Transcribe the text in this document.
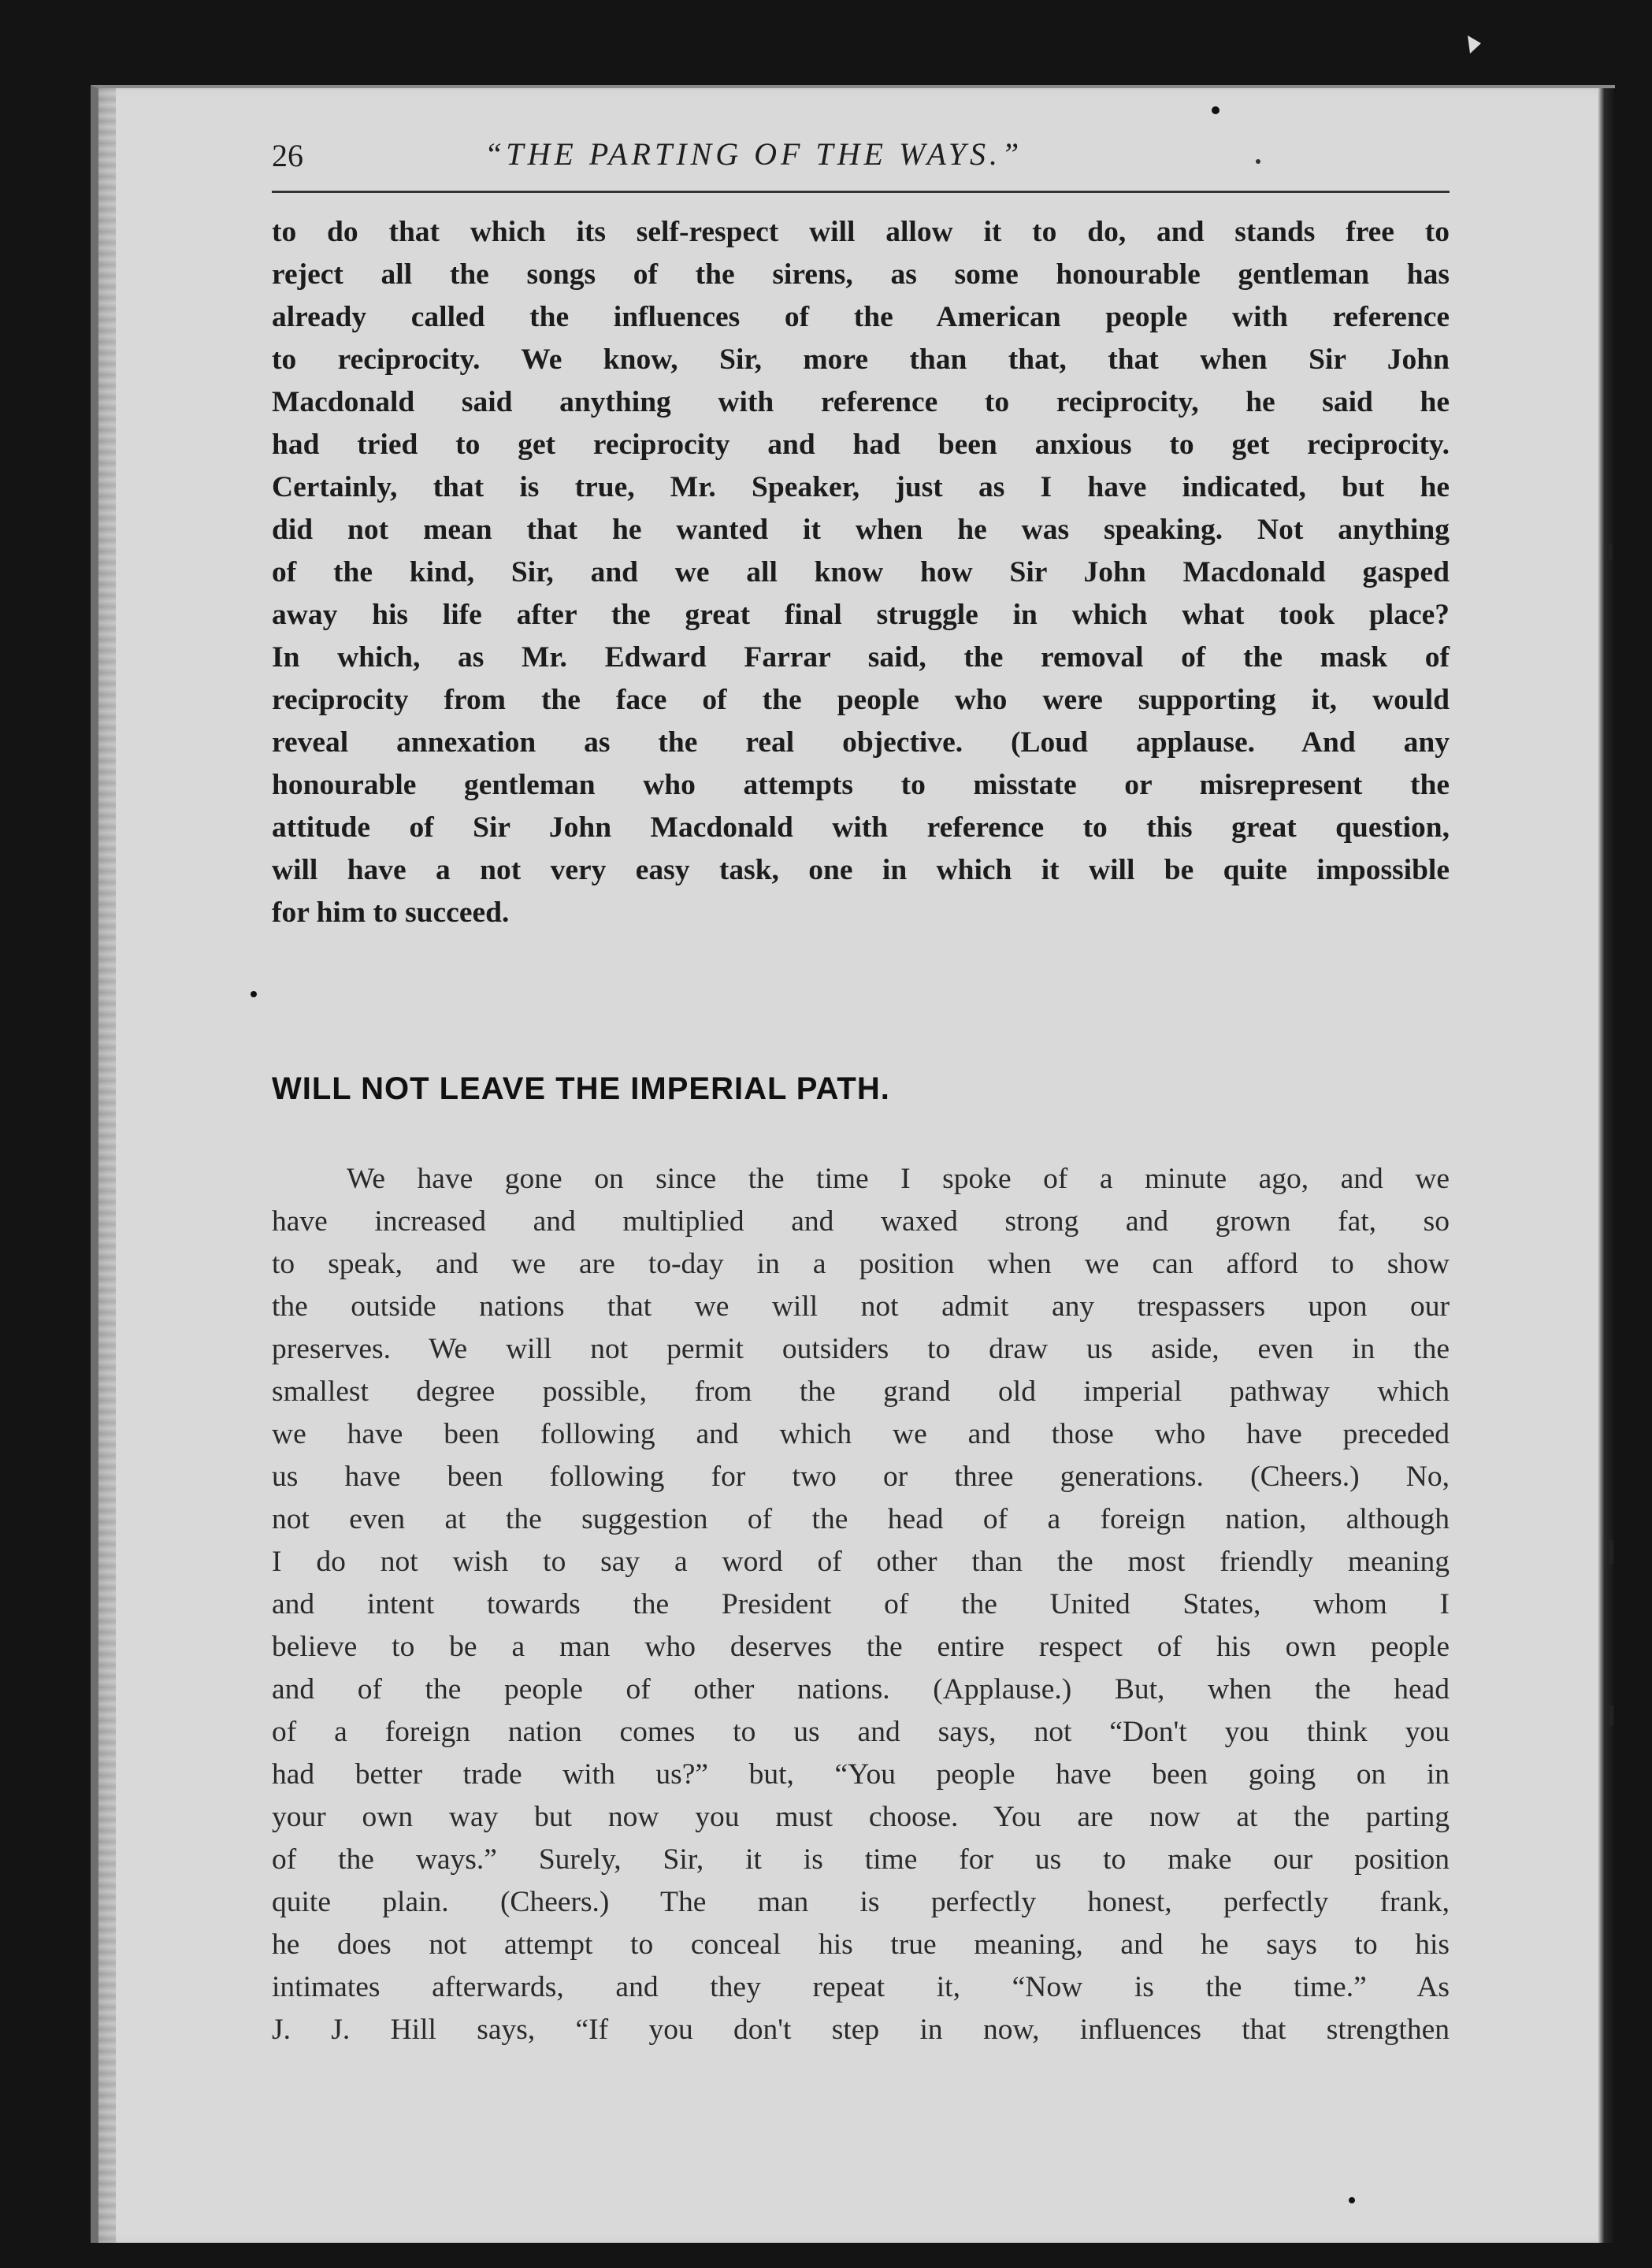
26	“THE PARTING OF THE WAYS.”
to do that which its self-respect will allow it to do, and stands free to
reject all the songs of the sirens, as some honourable gentleman has
already called the influences of the American people with reference
to reciprocity. We know, Sir, more than that, that when Sir John
Macdonald said anything with reference to reciprocity, he said he
had tried to get reciprocity and had been anxious to get reciprocity.
Certainly, that is true, Mr. Speaker, just as I have indicated, but he
did not mean that he wanted it when he was speaking. Not anything
of the kind, Sir, and we all know how Sir John Macdonald gasped
away his life after the great final struggle in which what took place?
In which, as Mr. Edward Farrar said, the removal of the mask of
reciprocity from the face of the people who were supporting it, would
reveal annexation as the real objective. (Loud applause. And any
honourable gentleman who attempts to misstate or misrepresent the
attitude of Sir John Macdonald with reference to this great question,
will have a not very easy task, one in which it will be quite impossible
for him to succeed.
WILL NOT LEAVE THE IMPERIAL PATH.
We have gone on since the time I spoke of a minute ago, and we
have increased and multiplied and waxed strong and grown fat, so
to speak, and we are to-day in a position when we can afford to show
the outside nations that we will not admit any trespassers upon our
preserves. We will not permit outsiders to draw us aside, even in the
smallest degree possible, from the grand old imperial pathway which
we have been following and which we and those who have preceded
us have been following for two or three generations. (Cheers.) No,
not even at the suggestion of the head of a foreign nation, although
I do not wish to say a word of other than the most friendly meaning
and intent towards the President of the United States, whom I
believe to be a man who deserves the entire respect of his own people
and of the people of other nations. (Applause.) But, when the head
of a foreign nation comes to us and says, not “Don't you think you
had better trade with us?” but, “You people have been going on in
your own way but now you must choose. You are now at the parting
of the ways.” Surely, Sir, it is time for us to make our position
quite plain. (Cheers.) The man is perfectly honest, perfectly frank,
he does not attempt to conceal his true meaning, and he says to his
intimates afterwards, and they repeat it, “Now is the time.” As
J. J. Hill says, “If you don't step in now, influences that strengthen
